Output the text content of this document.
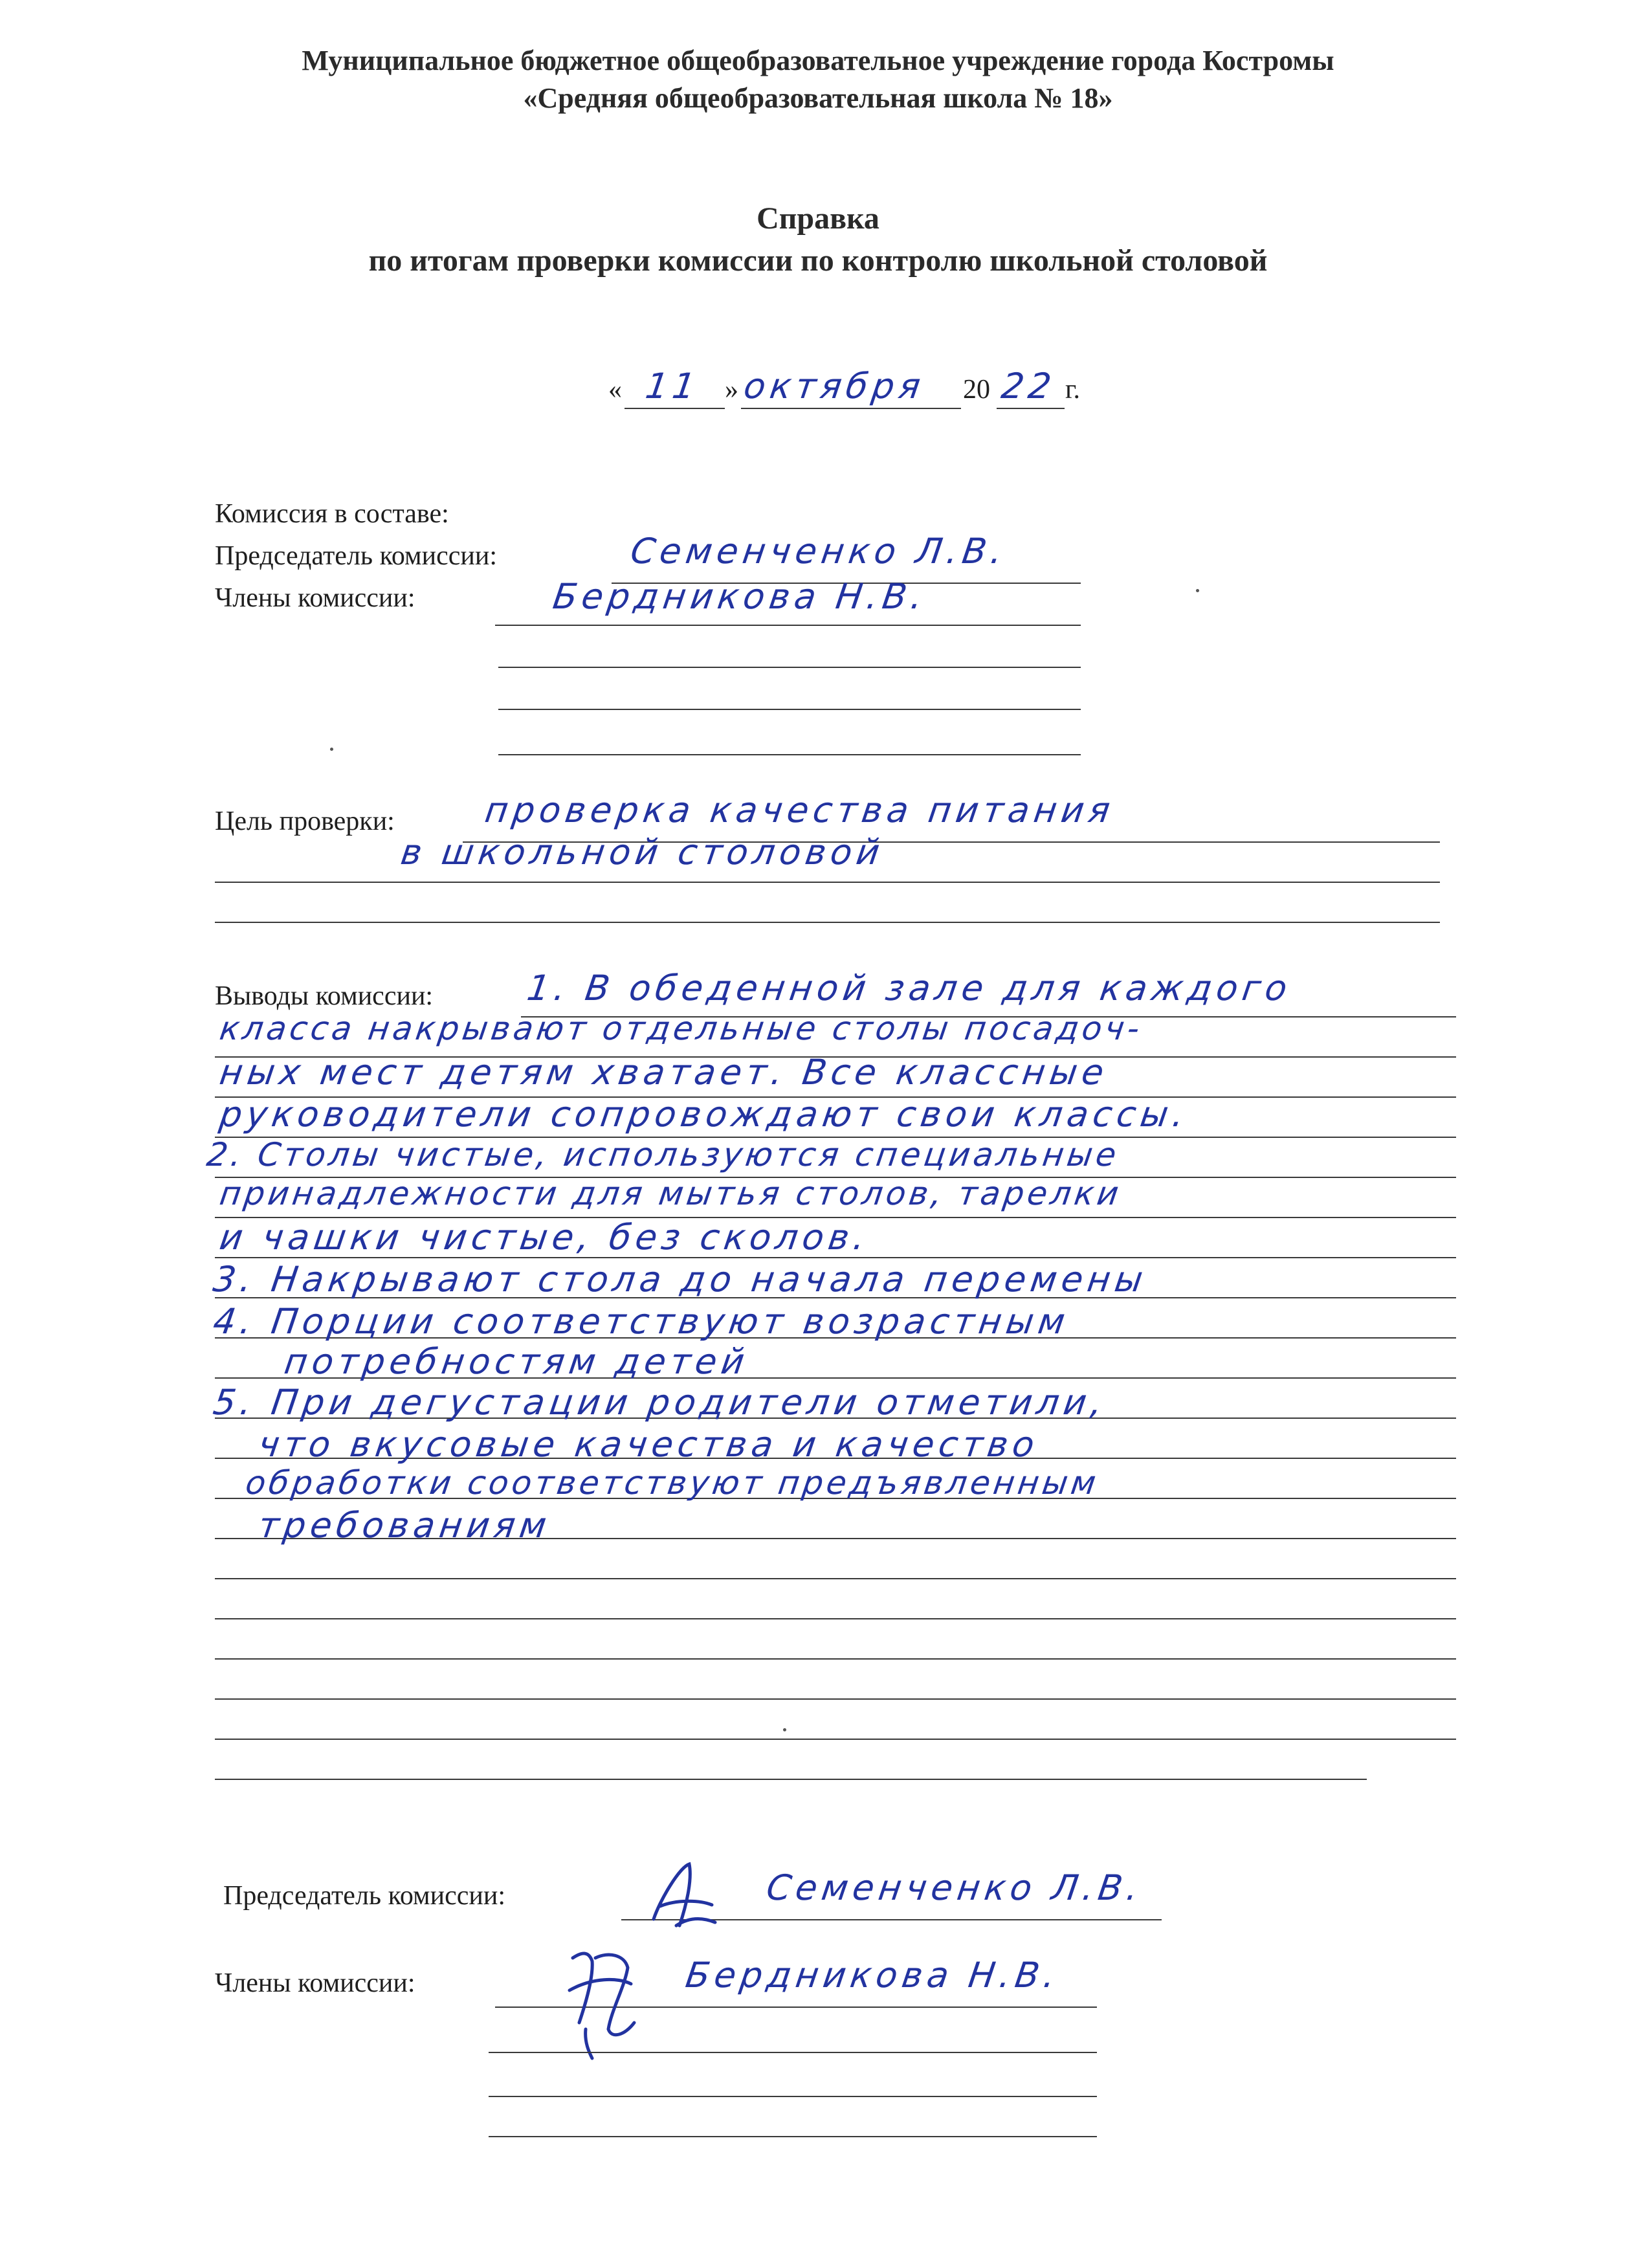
Муниципальное бюджетное общеобразовательное учреждение города Костромы
«Средняя общеобразовательная школа № 18»
Справка
по итогам проверки комиссии по контролю школьной столовой
« 11 » октября 20 22 г.
Комиссия в составе:
Председатель комиссии:	Семенченко Л.В.
Члены комиссии:	Бердникова Н.В.
Цель проверки:	проверка качества питания
в школьной столовой
Выводы комиссии:	1. В обеденной зале для каждого
класса накрывают отдельные столы посадоч-
ных мест детям хватает. Все классные
руководители сопровождают свои классы.
2. Столы чистые, используются специальные
принадлежности для мытья столов, тарелки
и чашки чистые, без сколов.
3. Накрывают стола до начала перемены
4. Порции соответствуют возрастным
потребностям детей
5. При дегустации родители отметили,
что вкусовые качества и качество
обработки соответствуют предъявленным
требованиям
Председатель комиссии:	Семенченко Л.В.
Члены комиссии:	Бердникова Н.В.
